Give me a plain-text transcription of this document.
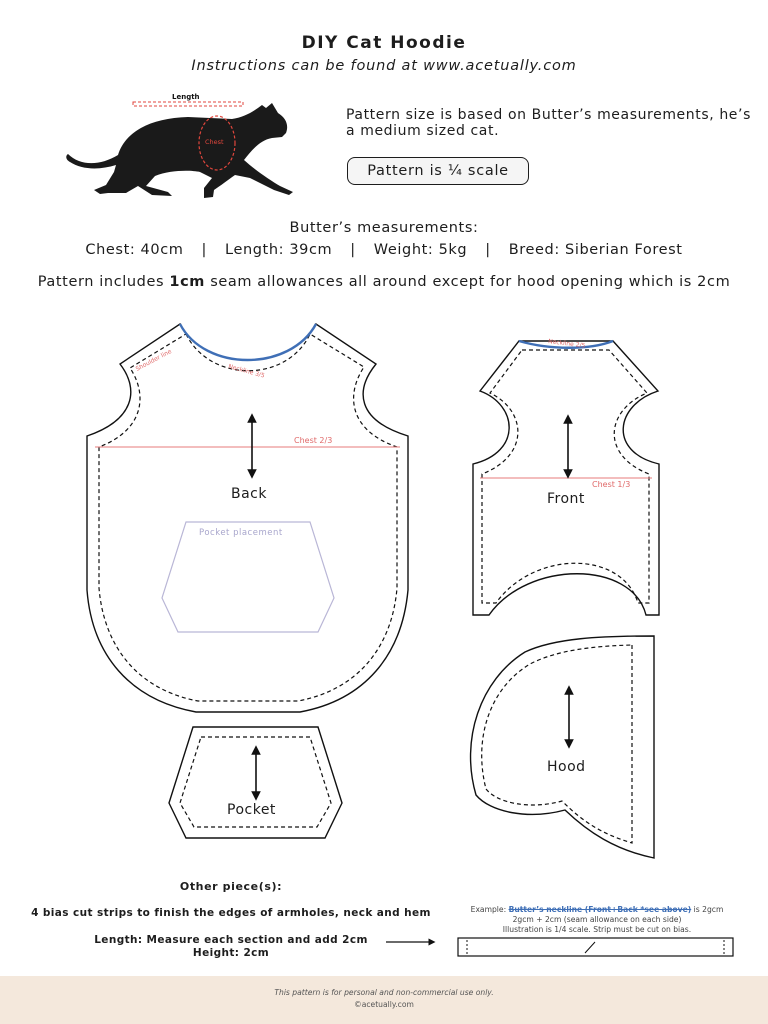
DIY Cat Hoodie
Instructions can be found at www.acetually.com
Pattern size is based on Butter’s measurements, he’s a medium sized cat.
Pattern is ¼ scale
Butter’s measurements:
Chest: 40cm | Length: 39cm | Weight: 5kg | Breed: Siberian Forest
Pattern includes 1cm seam allowances all around except for hood opening which is 2cm
Length
Chest
Chest 2/3
Neckline 3/5
Shoulder line
Back
Pocket placement
Neckline 2/5
Chest 1/3
Front
Hood
Pocket
Other piece(s):
4 bias cut strips to finish the edges of armholes, neck and hem
Length: Measure each section and add 2cm
Height: 2cm
Example: Butter’s neckline (Front+Back *see above) is 2gcm
2gcm + 2cm (seam allowance on each side)
Illustration is 1/4 scale. Strip must be cut on bias.
This pattern is for personal and non-commercial use only.
©acetually.com
